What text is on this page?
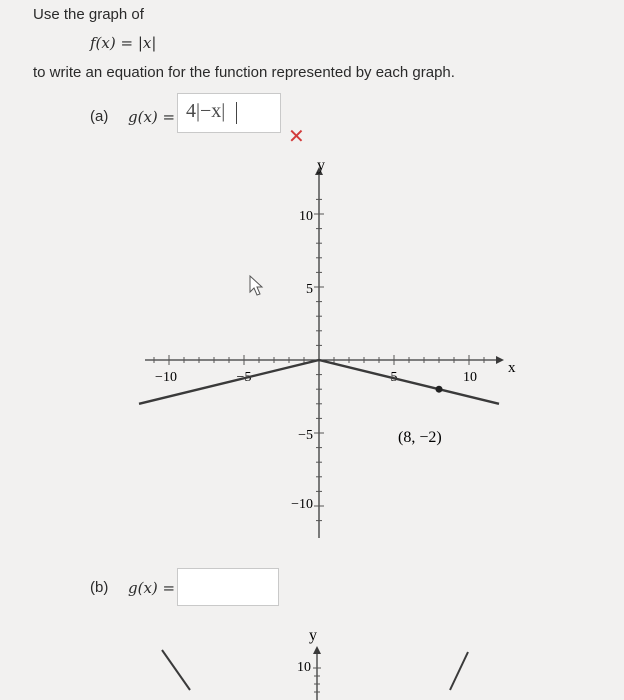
Use the graph of
f(x) = |x|
to write an equation for the function represented by each graph.
(a) g(x) = 4|−x|
✕
y
x
−10	−5	5	10
10
5
−5
−10
(8, −2)
(b) g(x) =
y
10
